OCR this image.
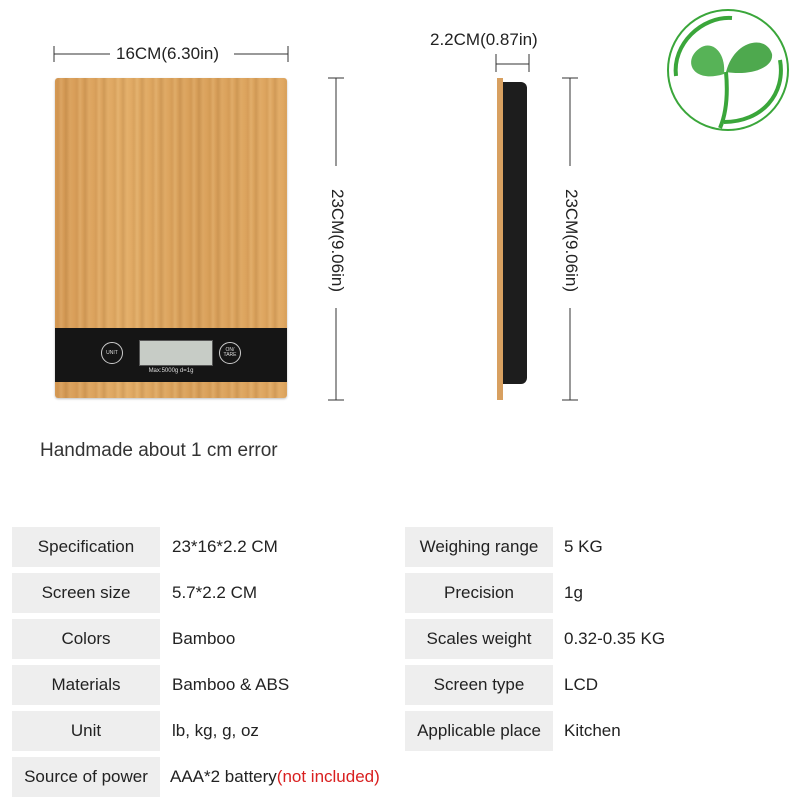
16CM(6.30in)
UNIT	ON/ TARE
Max:5000g d=1g
23CM(9.06in)
2.2CM(0.87in)
23CM(9.06in)
Handmade about 1 cm error
Specification	23*16*2.2 CM
Screen size	5.7*2.2 CM
Colors	Bamboo
Materials	Bamboo & ABS
Unit	lb, kg, g, oz
Source of power	AAA*2 battery (not included)
Weighing range	5 KG
Precision	1g
Scales weight	0.32-0.35 KG
Screen type	LCD
Applicable place	Kitchen
